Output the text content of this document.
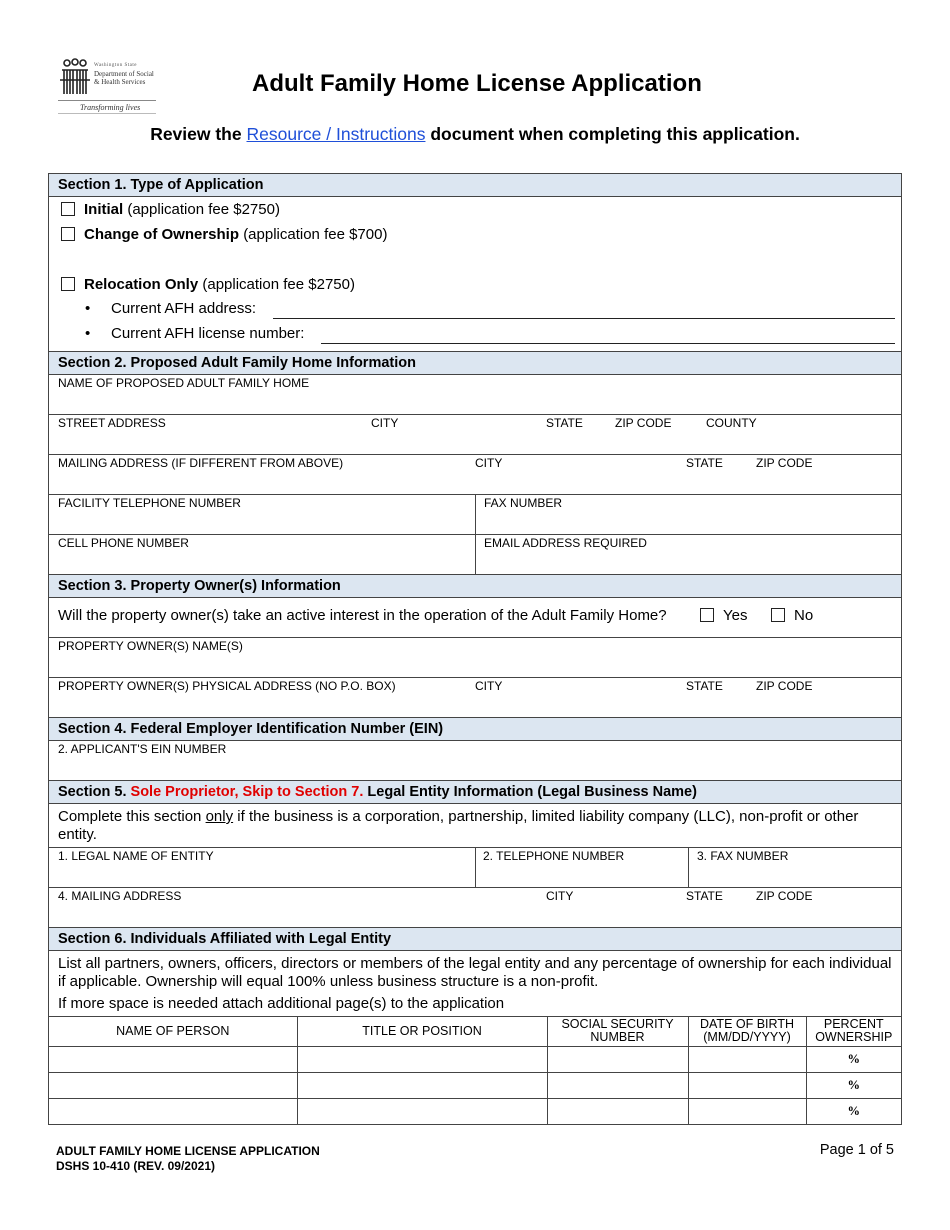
Washington State
Department of Social
& Health Services
Transforming lives
Adult Family Home License Application
Review the Resource / Instructions document when completing this application.
Section 1. Type of Application
Initial (application fee $2750)
Change of Ownership (application fee $700)
Relocation Only (application fee $2750)
• Current AFH address:
• Current AFH license number:
Section 2. Proposed Adult Family Home Information
NAME OF PROPOSED ADULT FAMILY HOME
STREET ADDRESS	CITY	STATE	ZIP CODE	COUNTY
MAILING ADDRESS (IF DIFFERENT FROM ABOVE)	CITY	STATE	ZIP CODE
FACILITY TELEPHONE NUMBER	FAX NUMBER
CELL PHONE NUMBER	EMAIL ADDRESS REQUIRED
Section 3. Property Owner(s) Information
Will the property owner(s) take an active interest in the operation of the Adult Family Home?	Yes	No
PROPERTY OWNER(S) NAME(S)
PROPERTY OWNER(S) PHYSICAL ADDRESS (NO P.O. BOX)	CITY	STATE	ZIP CODE
Section 4. Federal Employer Identification Number (EIN)
2. APPLICANT'S EIN NUMBER
Section 5. Sole Proprietor, Skip to Section 7. Legal Entity Information (Legal Business Name)
Complete this section only if the business is a corporation, partnership, limited liability company (LLC), non-profit or other entity.
1. LEGAL NAME OF ENTITY	2. TELEPHONE NUMBER	3. FAX NUMBER
4. MAILING ADDRESS	CITY	STATE	ZIP CODE
Section 6. Individuals Affiliated with Legal Entity
List all partners, owners, officers, directors or members of the legal entity and any percentage of ownership for each individual if applicable. Ownership will equal 100% unless business structure is a non-profit.
If more space is needed attach additional page(s) to the application
NAME OF PERSON	TITLE OR POSITION	SOCIAL SECURITY NUMBER	DATE OF BIRTH (MM/DD/YYYY)	PERCENT OWNERSHIP
				%
				%
				%
ADULT FAMILY HOME LICENSE APPLICATION
DSHS 10-410 (REV. 09/2021)
Page 1 of 5
